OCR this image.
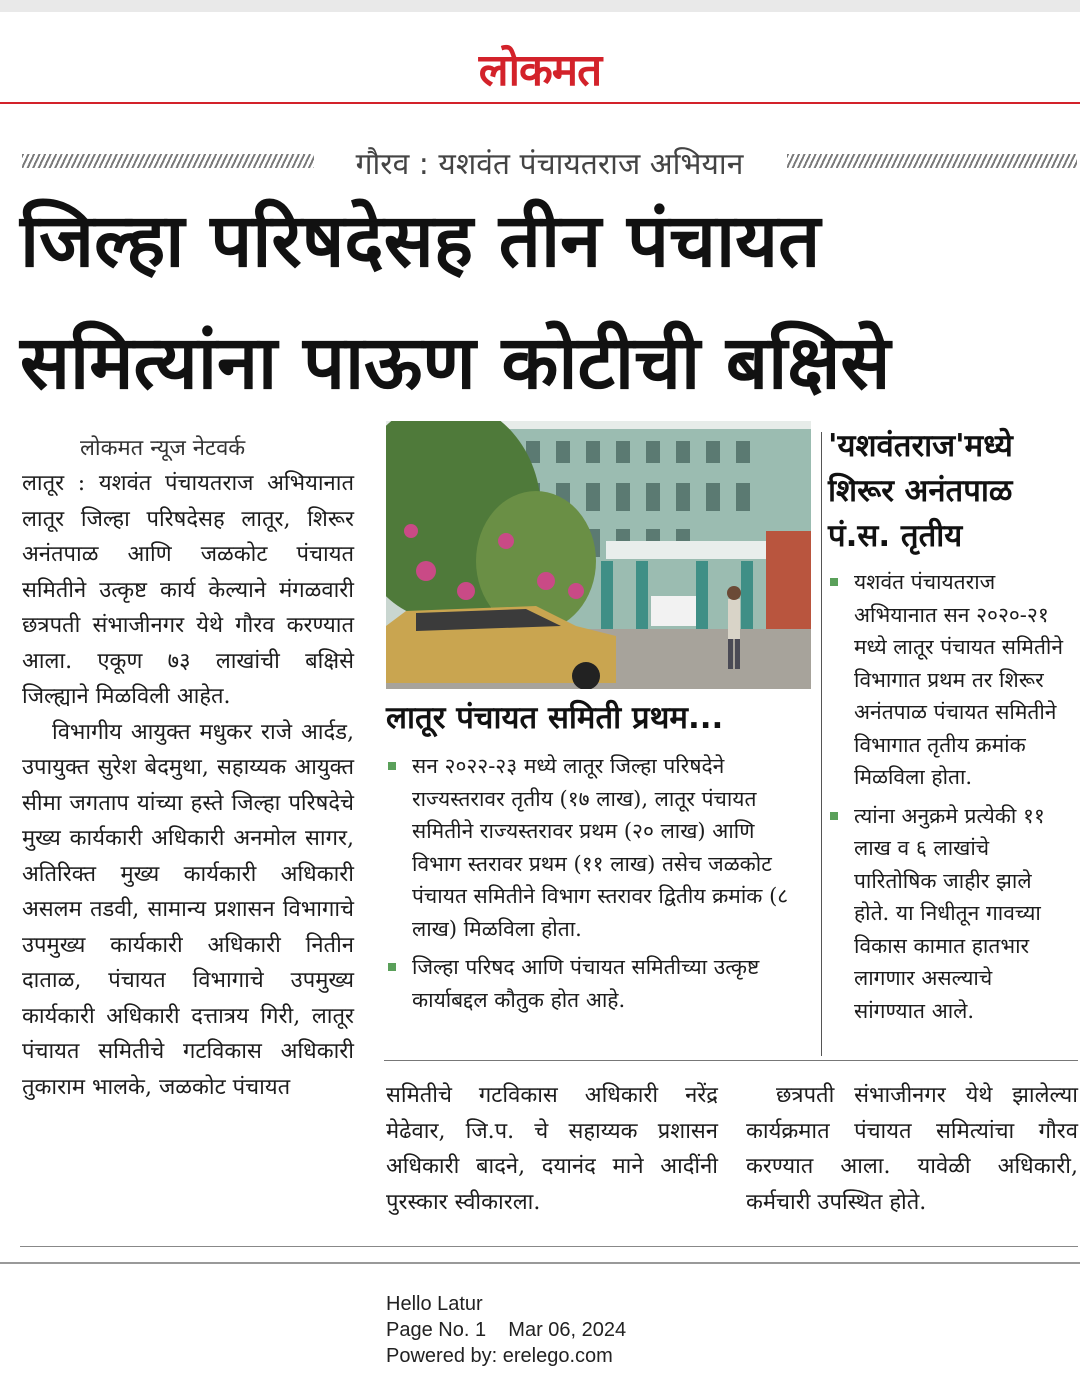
लोकमत
गौरव : यशवंत पंचायतराज अभियान
जिल्हा परिषदेसह तीन पंचायत
समित्यांना पाऊण कोटीची बक्षिसे
लोकमत न्यूज नेटवर्क

लातूर : यशवंत पंचायतराज अभियानात लातूर जिल्हा परिषदेसह लातूर, शिरूर अनंतपाळ आणि जळकोट पंचायत समितीने उत्कृष्ट कार्य केल्याने मंगळवारी छत्रपती संभाजीनगर येथे गौरव करण्यात आला. एकूण ७३ लाखांची बक्षिसे जिल्ह्याने मिळविली आहेत.

विभागीय आयुक्त मधुकर राजे आर्दड, उपायुक्त सुरेश बेदमुथा, सहाय्यक आयुक्त सीमा जगताप यांच्या हस्ते जिल्हा परिषदेचे मुख्य कार्यकारी अधिकारी अनमोल सागर, अतिरिक्त मुख्य कार्यकारी अधिकारी असलम तडवी, सामान्य प्रशासन विभागाचे उपमुख्य कार्यकारी अधिकारी नितीन दाताळ, पंचायत विभागाचे उपमुख्य कार्यकारी अधिकारी दत्तात्रय गिरी, लातूर पंचायत समितीचे गटविकास अधिकारी तुकाराम भालके, जळकोट पंचायत

लातूर पंचायत समिती प्रथम...
सन २०२२-२३ मध्ये लातूर जिल्हा परिषदेने राज्यस्तरावर तृतीय (१७ लाख), लातूर पंचायत समितीने राज्यस्तरावर प्रथम (२० लाख) आणि विभाग स्तरावर प्रथम (११ लाख) तसेच जळकोट पंचायत समितीने विभाग स्तरावर द्वितीय क्रमांक (८ लाख) मिळविला होता.
जिल्हा परिषद आणि पंचायत समितीच्या उत्कृष्ट कार्याबद्दल कौतुक होत आहे.
'यशवंतराज'मध्ये
शिरूर अनंतपाळ
पं.स. तृतीय
यशवंत पंचायतराज अभियानात सन २०२०-२१ मध्ये लातूर पंचायत समितीने विभागात प्रथम तर शिरूर अनंतपाळ पंचायत समितीने विभागात तृतीय क्रमांक मिळविला होता.
त्यांना अनुक्रमे प्रत्येकी ११ लाख व ६ लाखांचे पारितोषिक जाहीर झाले होते. या निधीतून गावच्या विकास कामात हातभार लागणार असल्याचे सांगण्यात आले.

समितीचे गटविकास अधिकारी नरेंद्र मेढेवार, जि.प. चे सहाय्यक प्रशासन अधिकारी बादने, दयानंद माने आदींनी पुरस्कार स्वीकारला.

छत्रपती संभाजीनगर येथे झालेल्या कार्यक्रमात पंचायत समित्यांचा गौरव करण्यात आला. यावेळी अधिकारी, कर्मचारी उपस्थित होते.

Hello Latur
Page No. 1    Mar 06, 2024
Powered by: erelego.com
